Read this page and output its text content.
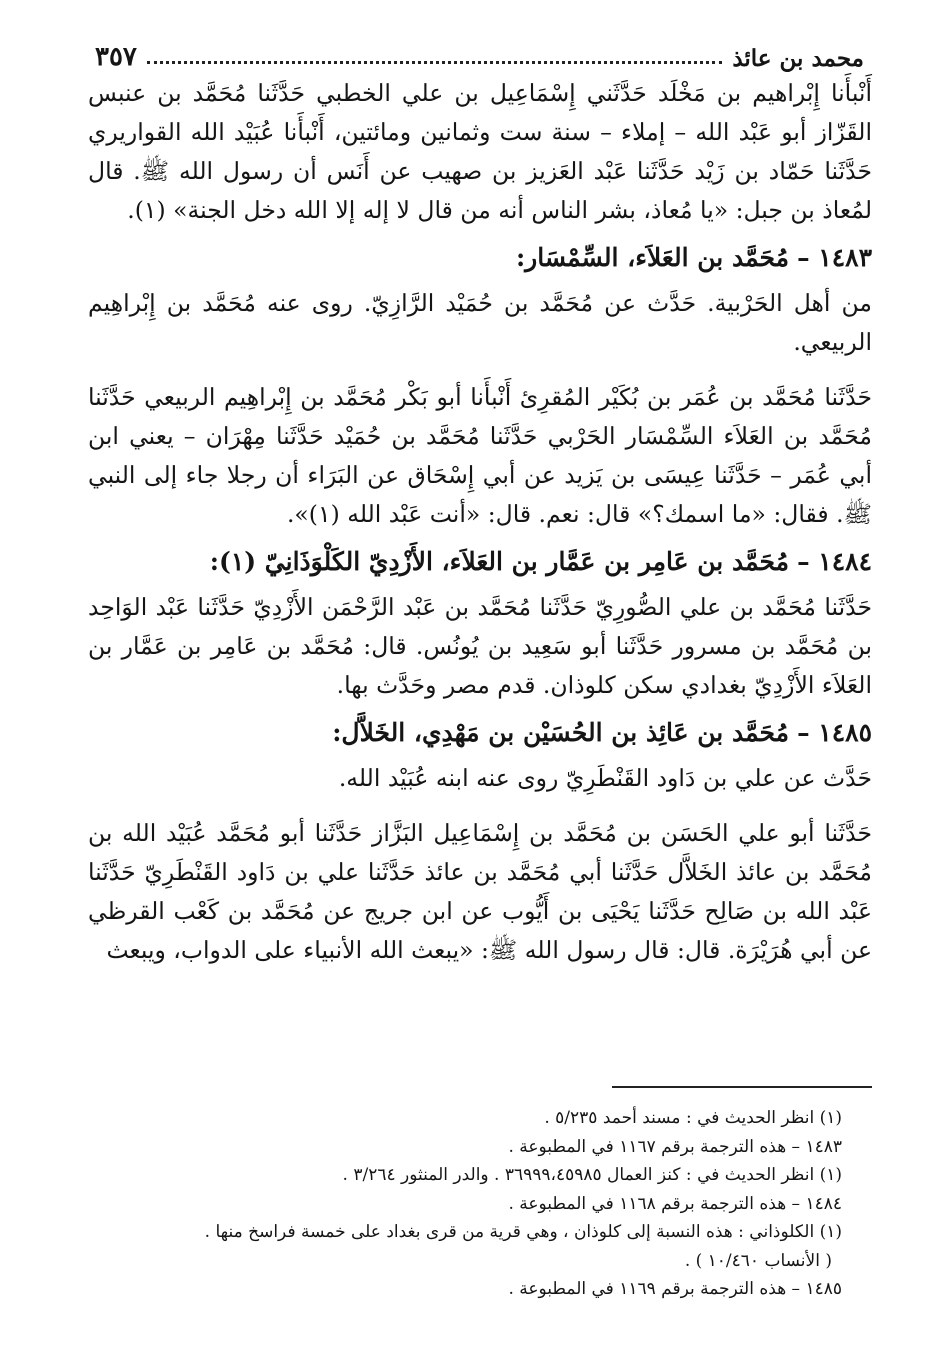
محمد بن عائذ
٣٥٧

أَنْبأَنا إِبْراهيم بن مَخْلَد حَدَّثَني إِسْمَاعِيل بن علي الخطبي حَدَّثَنا مُحَمَّد بن عنبس القَزّاز أبو عَبْد الله – إملاء – سنة ست وثمانين ومائتين، أَنْبأَنا عُبَيْد الله القواريري حَدَّثَنا حَمّاد بن زَيْد حَدَّثَنا عَبْد العَزيز بن صهيب عن أَنَس أن رسول الله ﷺ. قال لمُعاذ بن جبل: «يا مُعاذ، بشر الناس أنه من قال لا إله إلا الله دخل الجنة» (١).

١٤٨٣ –مُحَمَّد بن العَلاَء، السِّمْسَار:

من أهل الحَرْبية. حَدَّث عن مُحَمَّد بن حُمَيْد الرَّازِيّ. روى عنه مُحَمَّد بن إِبْراهِيم الربيعي.

حَدَّثَنا مُحَمَّد بن عُمَر بن بُكَيْر المُقرِئ أَنْبأَنا أبو بَكْر مُحَمَّد بن إِبْراهِيم الربيعي حَدَّثَنا مُحَمَّد بن العَلاَء السِّمْسَار الحَرْبي حَدَّثَنا مُحَمَّد بن حُمَيْد حَدَّثَنا مِهْرَان – يعني ابن أبي عُمَر – حَدَّثَنا عِيسَى بن يَزيد عن أبي إِسْحَاق عن البَرَاء أن رجلا جاء إلى النبي ﷺ. فقال: «ما اسمك؟» قال: نعم. قال: «أنت عَبْد الله (١)».

١٤٨٤ –مُحَمَّد بن عَامِر بن عَمَّار بن العَلاَء، الأَزْدِيّ الكَلْوَذَانِيّ (١):

حَدَّثَنا مُحَمَّد بن علي الصُّورِيّ حَدَّثَنا مُحَمَّد بن عَبْد الرَّحْمَن الأَزْدِيّ حَدَّثَنا عَبْد الوَاحِد بن مُحَمَّد بن مسرور حَدَّثَنا أبو سَعِيد بن يُونُس. قال: مُحَمَّد بن عَامِر بن عَمَّار بن العَلاَء الأَزْدِيّ بغدادي سكن كلوذان. قدم مصر وحَدَّث بها.

١٤٨٥ –مُحَمَّد بن عَائِذ بن الحُسَيْن بن مَهْدِي، الخَلاَّل:

حَدَّث عن علي بن دَاود القَنْطَرِيّ روى عنه ابنه عُبَيْد الله.

حَدَّثَنا أبو علي الحَسَن بن مُحَمَّد بن إِسْمَاعِيل البَزَّاز حَدَّثَنا أبو مُحَمَّد عُبَيْد الله بن مُحَمَّد بن عائذ الخَلاَّل حَدَّثَنا أبي مُحَمَّد بن عائذ حَدَّثَنا علي بن دَاود القَنْطَرِيّ حَدَّثَنا عَبْد الله بن صَالِح حَدَّثَنا يَحْيَى بن أَيُّوب عن ابن جريج عن مُحَمَّد بن كَعْب القرظي عن أبي هُرَيْرَة. قال: قال رسول الله ﷺ: «يبعث الله الأنبياء على الدواب، ويبعث

(١) انظر الحديث في : مسند أحمد ٥/٢٣٥ .

١٤٨٣ – هذه الترجمة برقم ١١٦٧ في المطبوعة .

(١) انظر الحديث في : كنز العمال ٣٦٩٩٩،٤٥٩٨٥ . والدر المنثور ٣/٢٦٤ .

١٤٨٤ – هذه الترجمة برقم ١١٦٨ في المطبوعة .

(١) الكلوذاني : هذه النسبة إلى كلوذان ، وهي قرية من قرى بغداد على خمسة فراسخ منها .

( الأنساب ١٠/٤٦٠ ) .

١٤٨٥ – هذه الترجمة برقم ١١٦٩ في المطبوعة .
